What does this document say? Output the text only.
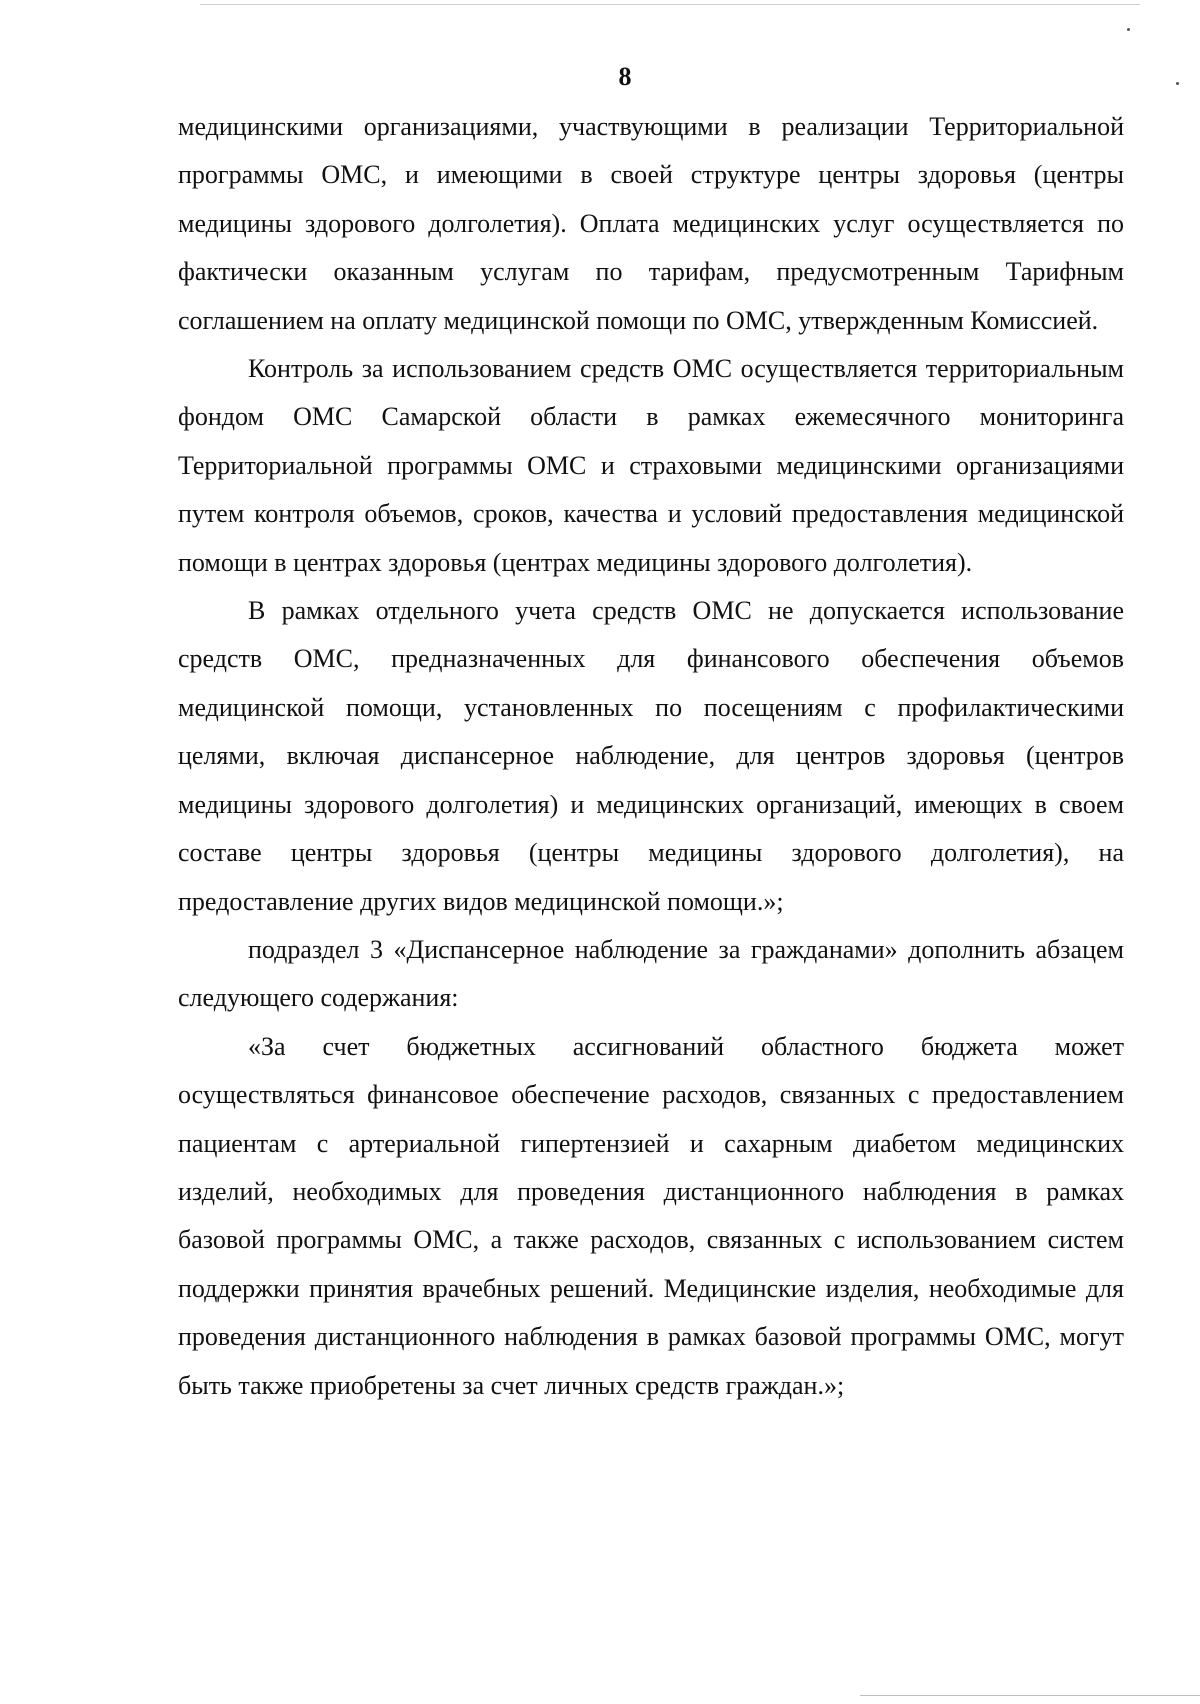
8

медицинскими организациями, участвующими в реализации Территориальной программы ОМС, и имеющими в своей структуре центры здоровья (центры медицины здорового долголетия). Оплата медицинских услуг осуществляется по фактически оказанным услугам по тарифам, предусмотренным Тарифным соглашением на оплату медицинской помощи по ОМС, утвержденным Комиссией.

Контроль за использованием средств ОМС осуществляется территориальным фондом ОМС Самарской области в рамках ежемесячного мониторинга Территориальной программы ОМС и страховыми медицинскими организациями путем контроля объемов, сроков, качества и условий предоставления медицинской помощи в центрах здоровья (центрах медицины здорового долголетия).

В рамках отдельного учета средств ОМС не допускается использование средств ОМС, предназначенных для финансового обеспечения объемов медицинской помощи, установленных по посещениям с профилактическими целями, включая диспансерное наблюдение, для центров здоровья (центров медицины здорового долголетия) и медицинских организаций, имеющих в своем составе центры здоровья (центры медицины здорового долголетия), на предоставление других видов медицинской помощи.»;

подраздел 3 «Диспансерное наблюдение за гражданами» дополнить абзацем следующего содержания:

«За счет бюджетных ассигнований областного бюджета может осуществляться финансовое обеспечение расходов, связанных с предоставлением пациентам с артериальной гипертензией и сахарным диабетом медицинских изделий, необходимых для проведения дистанционного наблюдения в рамках базовой программы ОМС, а также расходов, связанных с использованием систем поддержки принятия врачебных решений. Медицинские изделия, необходимые для проведения дистанционного наблюдения в рамках базовой программы ОМС, могут быть также приобретены за счет личных средств граждан.»;
